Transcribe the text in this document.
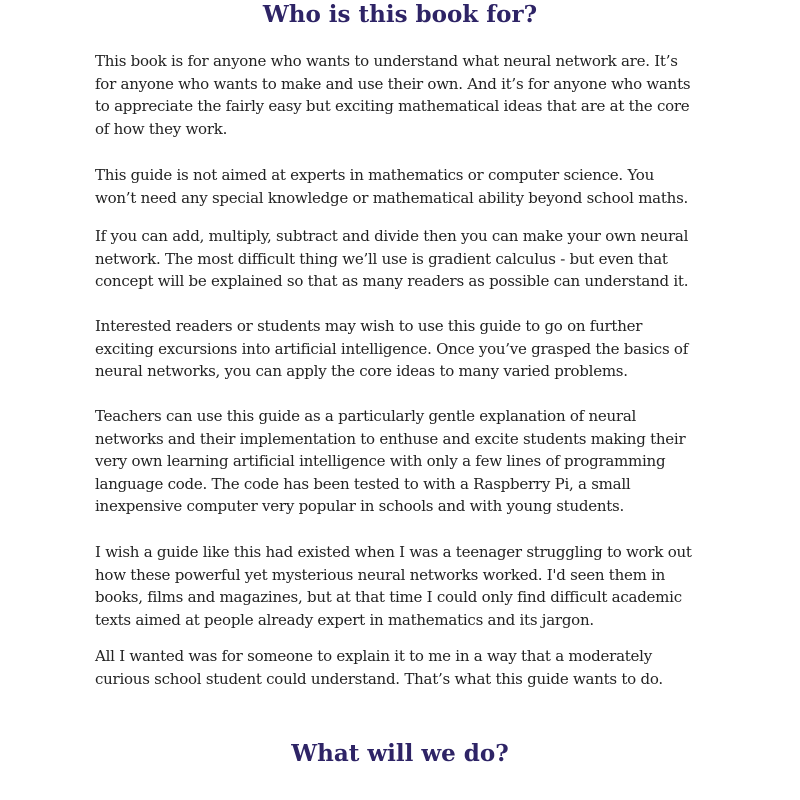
Who is this book for?

This book is for anyone who wants to understand what neural network are. It’s
for anyone who wants to make and use their own. And it’s for anyone who wants
to appreciate the fairly easy but exciting mathematical ideas that are at the core
of how they work.

This guide is not aimed at experts in mathematics or computer science. You
won’t need any special knowledge or mathematical ability beyond school maths.

If you can add, multiply, subtract and divide then you can make your own neural
network. The most difficult thing we’ll use is gradient calculus - but even that
concept will be explained so that as many readers as possible can understand it.

Interested readers or students may wish to use this guide to go on further
exciting excursions into artificial intelligence. Once you’ve grasped the basics of
neural networks, you can apply the core ideas to many varied problems.

Teachers can use this guide as a particularly gentle explanation of neural
networks and their implementation to enthuse and excite students making their
very own learning artificial intelligence with only a few lines of programming
language code. The code has been tested to with a Raspberry Pi, a small
inexpensive computer very popular in schools and with young students.

I wish a guide like this had existed when I was a teenager struggling to work out
how these powerful yet mysterious neural networks worked. I'd seen them in
books, films and magazines, but at that time I could only find difficult academic
texts aimed at people already expert in mathematics and its jargon.

All I wanted was for someone to explain it to me in a way that a moderately
curious school student could understand. That’s what this guide wants to do.

What will we do?
